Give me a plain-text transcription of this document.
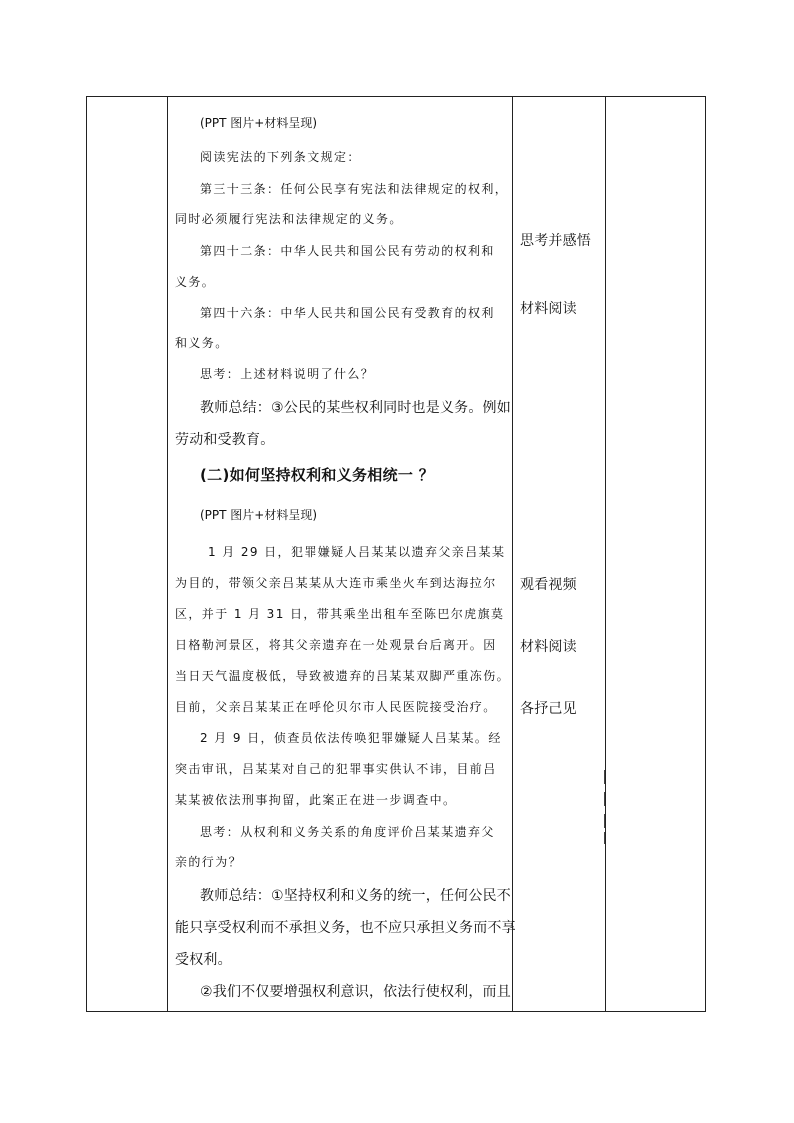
(PPT 图片+材料呈现)
阅读宪法的下列条文规定：
第三十三条：任何公民享有宪法和法律规定的权利，
同时必须履行宪法和法律规定的义务。
第四十二条：中华人民共和国公民有劳动的权利和
义务。
第四十六条：中华人民共和国公民有受教育的权利
和义务。
思考：上述材料说明了什么？
教师总结：③公民的某些权利同时也是义务。例如
劳动和受教育。
(二)如何坚持权利和义务相统一 ？
(PPT 图片+材料呈现)
1 月 29 日，犯罪嫌疑人吕某某以遗弃父亲吕某某
为目的，带领父亲吕某某从大连市乘坐火车到达海拉尔
区，并于 1 月 31 日，带其乘坐出租车至陈巴尔虎旗莫
日格勒河景区，将其父亲遗弃在一处观景台后离开。因
当日天气温度极低，导致被遗弃的吕某某双脚严重冻伤。
目前，父亲吕某某正在呼伦贝尔市人民医院接受治疗。
2 月 9 日，侦查员依法传唤犯罪嫌疑人吕某某。经
突击审讯，吕某某对自己的犯罪事实供认不讳，目前吕
某某被依法刑事拘留，此案正在进一步调查中。
思考：从权利和义务关系的角度评价吕某某遗弃父
亲的行为？
教师总结：①坚持权利和义务的统一，任何公民不
能只享受权利而不承担义务，也不应只承担义务而不享
受权利。
②我们不仅要增强权利意识，依法行使权利，而且
思考并感悟
材料阅读
观看视频
材料阅读
各抒己见
